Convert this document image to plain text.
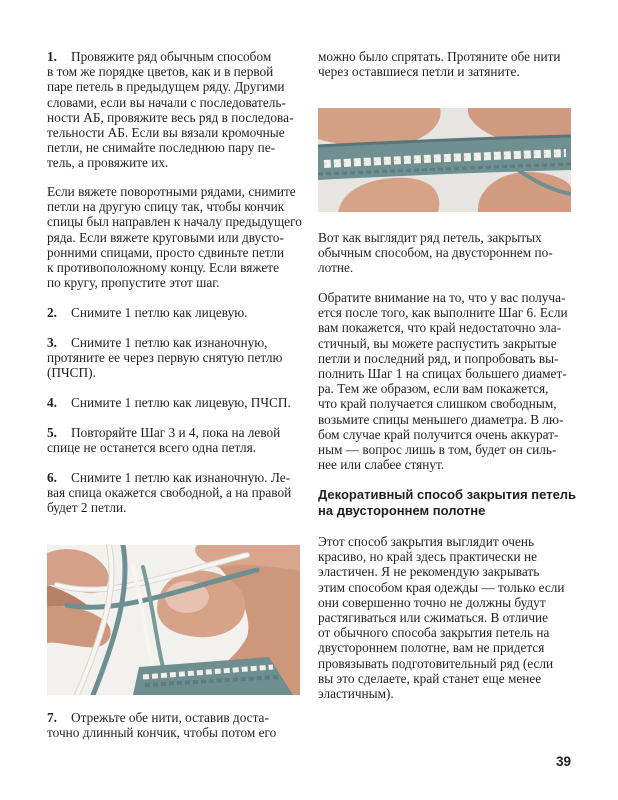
1. Провяжите ряд обычным способом
в том же порядке цветов, как и в первой
паре петель в предыдущем ряду. Другими
словами, если вы начали с последователь-
ности АБ, провяжите весь ряд в последова-
тельности АБ. Если вы вязали кромочные
петли, не снимайте последнюю пару пе-
тель, а провяжите их.
Если вяжете поворотными рядами, снимите
петли на другую спицу так, чтобы кончик
спицы был направлен к началу предыдущего
ряда. Если вяжете круговыми или двусто-
ронними спицами, просто сдвиньте петли
к противоположному концу. Если вяжете
по кругу, пропустите этот шаг.
2. Снимите 1 петлю как лицевую.
3. Снимите 1 петлю как изнаночную,
протяните ее через первую снятую петлю
(ПЧСП).
4. Снимите 1 петлю как лицевую, ПЧСП.
5. Повторяйте Шаг 3 и 4, пока на левой
спице не останется всего одна петля.
6. Снимите 1 петлю как изнаночную. Ле-
вая спица окажется свободной, а на правой
будет 2 петли.
7. Отрежьте обе нити, оставив доста-
точно длинный кончик, чтобы потом его
можно было спрятать. Протяните обе нити
через оставшиеся петли и затяните.
Вот как выглядит ряд петель, закрытых
обычным способом, на двустороннем по-
лотне.
Обратите внимание на то, что у вас получа-
ется после того, как выполните Шаг 6. Если
вам покажется, что край недостаточно эла-
стичный, вы можете распустить закрытые
петли и последний ряд, и попробовать вы-
полнить Шаг 1 на спицах большего диамет-
ра. Тем же образом, если вам покажется,
что край получается слишком свободным,
возьмите спицы меньшего диаметра. В лю-
бом случае край получится очень аккурат-
ным — вопрос лишь в том, будет он силь-
нее или слабее стянут.
Декоративный способ закрытия петель
на двустороннем полотне
Этот способ закрытия выглядит очень
красиво, но край здесь практически не
эластичен. Я не рекомендую закрывать
этим способом края одежды — только если
они совершенно точно не должны будут
растягиваться или сжиматься. В отличие
от обычного способа закрытия петель на
двустороннем полотне, вам не придется
провязывать подготовительный ряд (если
вы это сделаете, край станет еще менее
эластичным).
39
